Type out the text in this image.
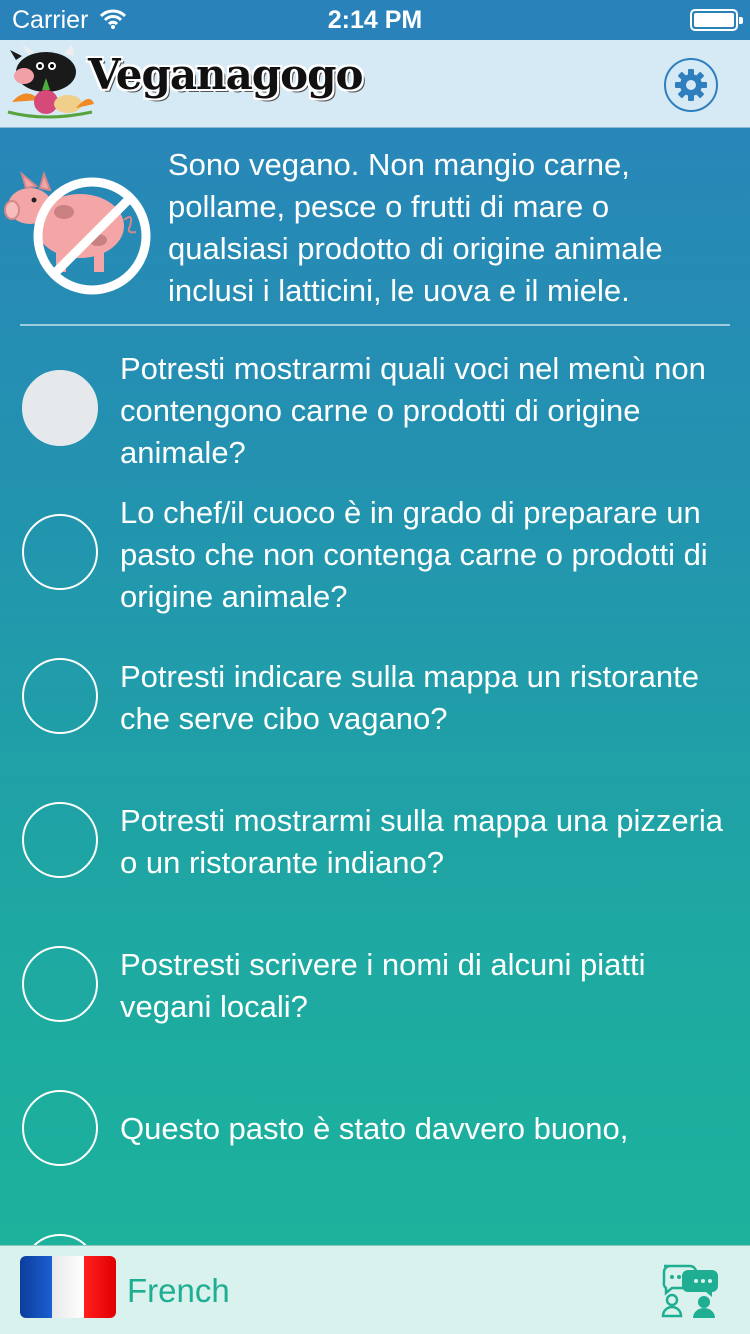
Carrier	2:14 PM
Veganagogo
Sono vegano. Non mangio carne, pollame, pesce o frutti di mare o qualsiasi prodotto di origine animale inclusi i latticini, le uova e il miele.
Potresti mostrarmi quali voci nel menù non contengono carne o prodotti di origine animale?
Lo chef/il cuoco è in grado di preparare un pasto che non contenga carne o prodotti di origine animale?
Potresti indicare sulla mappa un ristorante che serve cibo vagano?
Potresti mostrarmi sulla mappa una pizzeria o un ristorante indiano?
Postresti scrivere i nomi di alcuni piatti vegani locali?
Questo pasto è stato davvero buono,
French
